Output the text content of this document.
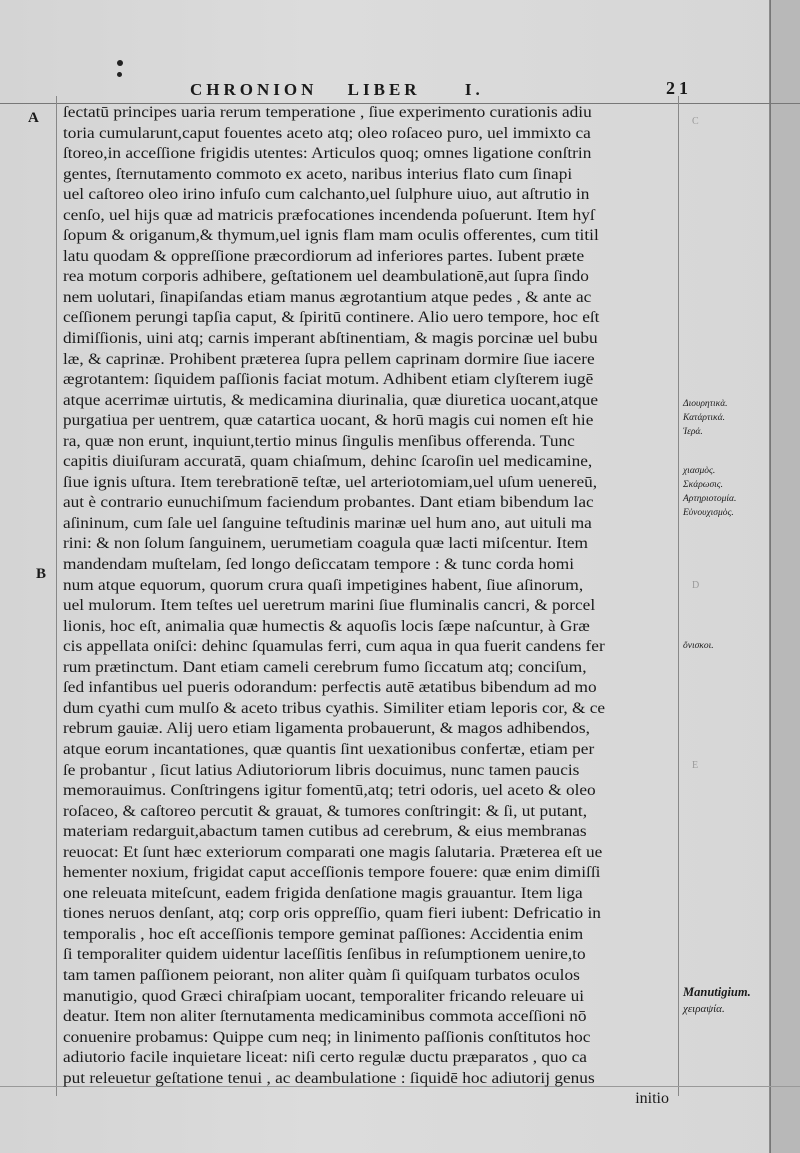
CHRONION LIBER	I.	21
A
B
ſectatū principes uaria rerum temperatione , ſiue experimento curationis adiu
toria cumularunt,caput fouentes aceto atq; oleo roſaceo puro, uel immixto ca
ſtoreo,in acceſſione frigidis utentes: Articulos quoq; omnes ligatione conſtrin
gentes, ſternutamento commoto ex aceto, naribus interius flato cum ſinapi
uel caſtoreo oleo irino infuſo cum calchanto,uel ſulphure uiuo, aut aſtrutio in
cenſo, uel hijs quæ ad matricis præfocationes incendenda poſuerunt. Item hyſ
ſopum & origanum,& thymum,uel ignis flam mam oculis offerentes, cum titil
latu quodam & oppreſſione præcordiorum ad inferiores partes. Iubent præte
rea motum corporis adhibere, geſtationem uel deambulationē,aut ſupra ſindo
nem uolutari, ſinapiſandas etiam manus ægrotantium atque pedes , & ante ac
ceſſionem perungi tapſia caput, & ſpiritū continere. Alio uero tempore, hoc eſt
dimiſſionis, uini atq; carnis imperant abſtinentiam, & magis porcinæ uel bubu
læ, & caprinæ. Prohibent præterea ſupra pellem caprinam dormire ſiue iacere
ægrotantem: ſiquidem paſſionis faciat motum. Adhibent etiam clyſterem iugē
atque acerrimæ uirtutis, & medicamina diurinalia, quæ diuretica uocant,atque
purgatiua per uentrem, quæ catartica uocant, & horū magis cui nomen eſt hie
ra, quæ non erunt, inquiunt,tertio minus ſingulis menſibus offerenda. Tunc
capitis diuiſuram accuratā, quam chiaſmum, dehinc ſcaroſin uel medicamine,
ſiue ignis uſtura. Item terebrationē teſtæ, uel arteriotomiam,uel uſum uenereū,
aut è contrario eunuchiſmum faciendum probantes. Dant etiam bibendum lac
aſininum, cum ſale uel ſanguine teſtudinis marinæ uel hum ano, aut uituli ma
rini: & non ſolum ſanguinem, uerumetiam coagula quæ lacti miſcentur. Item
mandendam muſtelam, ſed longo deſiccatam tempore : & tunc corda homi
num atque equorum, quorum crura quaſi impetigines habent, ſiue aſinorum,
uel mulorum. Item teſtes uel ueretrum marini ſiue fluminalis cancri, & porcel
lionis, hoc eſt, animalia quæ humectis & aquoſis locis ſæpe naſcuntur, à Græ
cis appellata oniſci: dehinc ſquamulas ferri, cum aqua in qua fuerit candens fer
rum prætinctum. Dant etiam cameli cerebrum fumo ſiccatum atq; conciſum,
ſed infantibus uel pueris odorandum: perfectis autē ætatibus bibendum ad mo
dum cyathi cum mulſo & aceto tribus cyathis. Similiter etiam leporis cor, & ce
rebrum gauiæ. Alij uero etiam ligamenta probauerunt, & magos adhibendos,
atque eorum incantationes, quæ quantis ſint uexationibus confertæ, etiam per
ſe probantur , ſicut latius Adiutoriorum libris docuimus, nunc tamen paucis
memorauimus. Conſtringens igitur fomentū,atq; tetri odoris, uel aceto & oleo
roſaceo, & caſtoreo percutit & grauat, & tumores conſtringit: & ſi, ut putant,
materiam redarguit,abactum tamen cutibus ad cerebrum, & eius membranas
reuocat: Et ſunt hæc exteriorum comparati one magis ſalutaria. Præterea eſt ue
hementer noxium, frigidat caput acceſſionis tempore fouere: quæ enim dimiſſi
one releuata miteſcunt, eadem frigida denſatione magis grauantur. Item liga
tiones neruos denſant, atq; corp oris oppreſſio, quam fieri iubent: Defricatio in
temporalis , hoc eſt acceſſionis tempore geminat paſſiones: Accidentia enim
ſi temporaliter quidem uidentur laceſſitis ſenſibus in reſumptionem uenire,to
tam tamen paſſionem peiorant, non aliter quàm ſi quiſquam turbatos oculos
manutigio, quod Græci chiraſpiam uocant, temporaliter fricando releuare ui
deatur. Item non aliter ſternutamenta medicaminibus commota acceſſioni nō
conuenire probamus: Quippe cum neq; in linimento paſſionis conſtitutos hoc
adiutorio facile inquietare liceat: niſi certo regulæ ductu præparatos , quo ca
put releuetur geſtatione tenui , ac deambulatione : ſiquidē hoc adiutorij genus
initio
Διουρητικὰ.
Κατάρτικά.
Ἱερά.
χιασμὸς.
Σκάρωσις.
Αρτηριοτομία.
Εὐνουχισμὸς.
ὄνισκοι.
Manutigium.
χειραψία.
C
D
E
